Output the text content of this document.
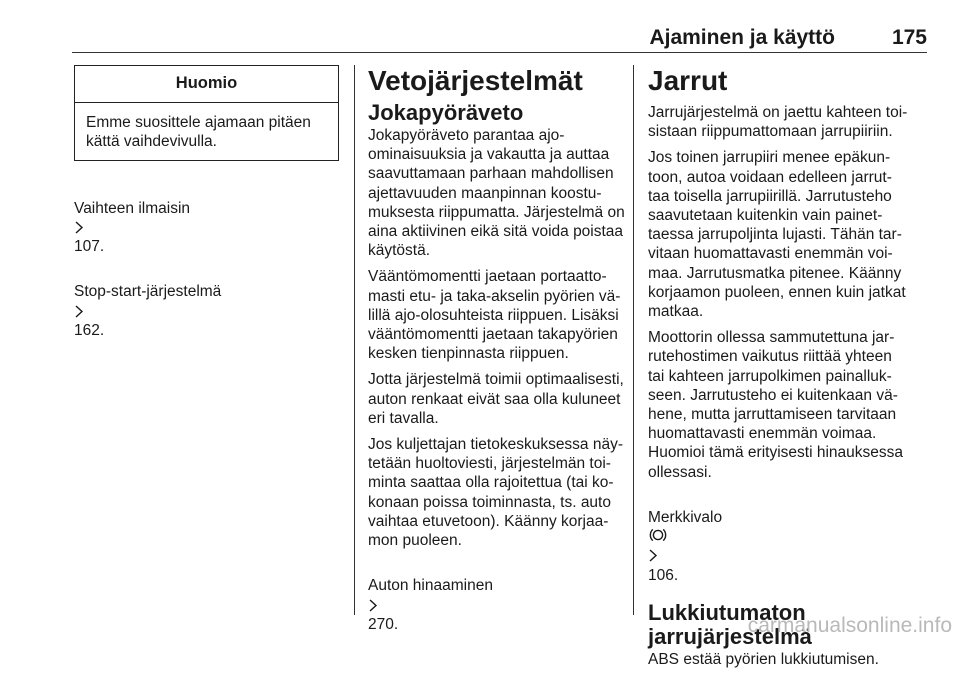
Ajaminen ja käyttö	175
Huomio
Emme suosittele ajamaan pitäen
kättä vaihdevivulla.

Vaihteen ilmaisin

107.

Stop-start-järjestelmä

162.

Vetojärjestelmät
Jokapyöräveto
Jokapyöräveto parantaa ajo-
ominaisuuksia ja vakautta ja auttaa
saavuttamaan parhaan mahdollisen
ajettavuuden maanpinnan koostu-
muksesta riippumatta. Järjestelmä on
aina aktiivinen eikä sitä voida poistaa
käytöstä.
Vääntömomentti jaetaan portaatto-
masti etu- ja taka-akselin pyörien vä-
lillä ajo-olosuhteista riippuen. Lisäksi
vääntömomentti jaetaan takapyörien
kesken tienpinnasta riippuen.
Jotta järjestelmä toimii optimaalisesti,
auton renkaat eivät saa olla kuluneet
eri tavalla.
Jos kuljettajan tietokeskuksessa näy-
tetään huoltoviesti, järjestelmän toi-
minta saattaa olla rajoitettua (tai ko-
konaan poissa toiminnasta, ts. auto
vaihtaa etuvetoon). Käänny korjaa-
mon puoleen.

Auton hinaaminen

270.

Jarrut
Jarrujärjestelmä on jaettu kahteen toi-
sistaan riippumattomaan jarrupiiriin.
Jos toinen jarrupiiri menee epäkun-
toon, autoa voidaan edelleen jarrut-
taa toisella jarrupiirillä. Jarrutusteho
saavutetaan kuitenkin vain painet-
taessa jarrupoljinta lujasti. Tähän tar-
vitaan huomattavasti enemmän voi-
maa. Jarrutusmatka pitenee. Käänny
korjaamon puoleen, ennen kuin jatkat
matkaa.
Moottorin ollessa sammutettuna jar-
rutehostimen vaikutus riittää yhteen
tai kahteen jarrupolkimen painalluk-
seen. Jarrutusteho ei kuitenkaan vä-
hene, mutta jarruttamiseen tarvitaan
huomattavasti enemmän voimaa.
Huomioi tämä erityisesti hinauksessa
ollessasi.

Merkkivalo

106.

Lukkiutumaton
jarrujärjestelmä
ABS estää pyörien lukkiutumisen.
carmanualsonline.info
